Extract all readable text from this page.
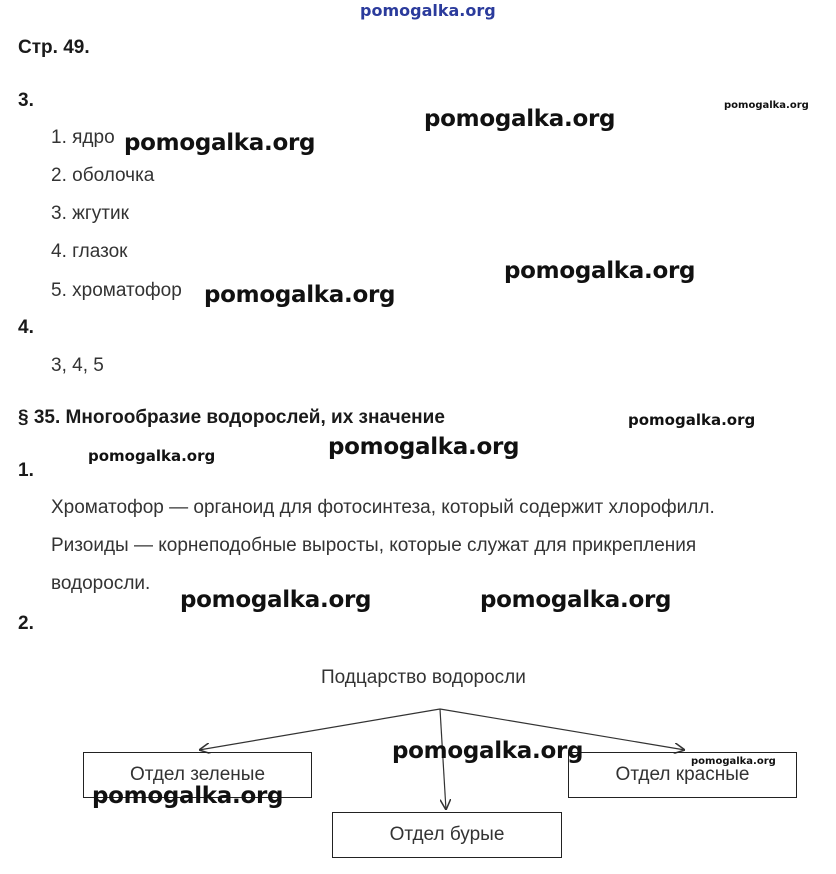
pomogalka.org
Стр. 49.
3.
1. ядро
2. оболочка
3. жгутик
4. глазок
5. хроматофор
4.
3, 4, 5
§ 35. Многообразие водорослей, их значение
1.
Хроматофор — органоид для фотосинтеза, который содержит хлорофилл.
Ризоиды — корнеподобные выросты, которые служат для прикрепления
водоросли.
2.
Подцарство водоросли
Отдел зеленые
Отдел бурые
Отдел красные
pomogalka.org
pomogalka.org
pomogalka.org
pomogalka.org
pomogalka.org
pomogalka.org
pomogalka.org
pomogalka.org
pomogalka.org	pomogalka.org
pomogalka.org	pomogalka.org
pomogalka.org
